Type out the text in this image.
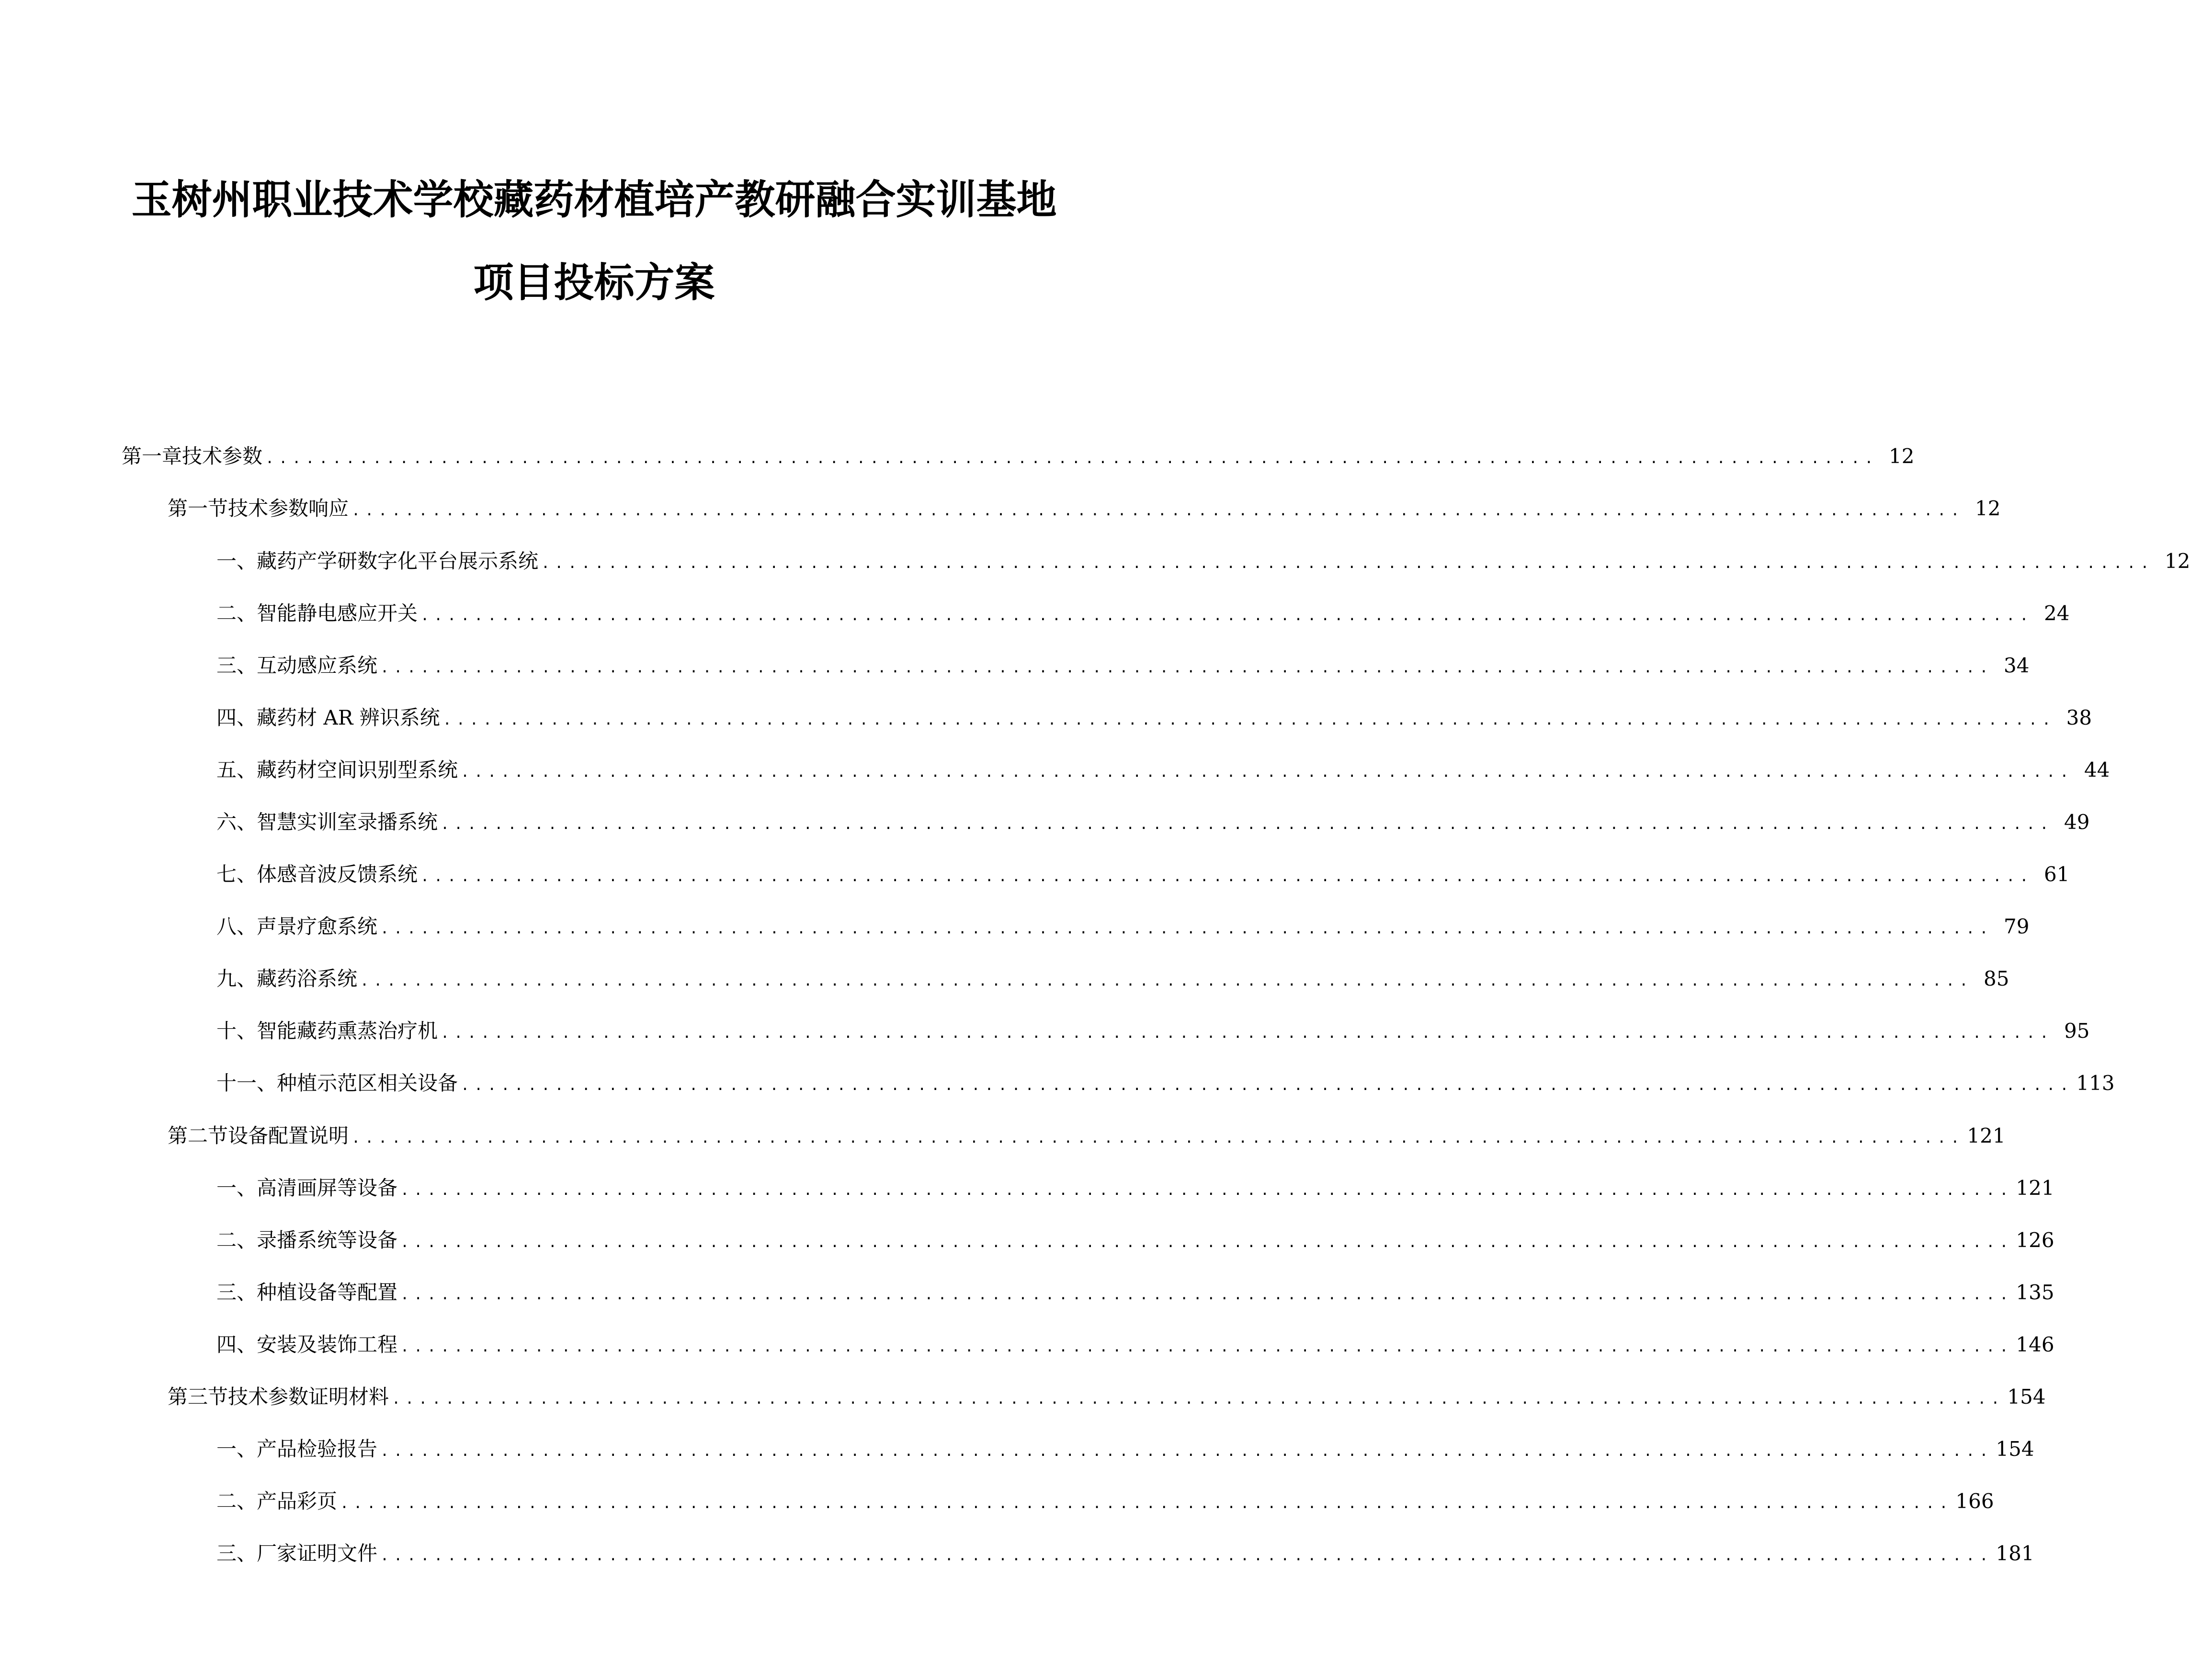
玉树州职业技术学校藏药材植培产教研融合实训基地
项目投标方案
第一章 技术参数 ........................................................................................................................ 12
第一节 技术参数响应 ........................................................................................................................ 12
一、 藏药产学研数字化平台展示系统 ........................................................................................................................ 12
二、 智能静电感应开关 ........................................................................................................................ 24
三、 互动感应系统 ........................................................................................................................ 34
四、 藏药材 AR 辨识系统 ........................................................................................................................ 38
五、 藏药材空间识别型系统 ........................................................................................................................ 44
六、 智慧实训室录播系统 ........................................................................................................................ 49
七、 体感音波反馈系统 ........................................................................................................................ 61
八、 声景疗愈系统 ........................................................................................................................ 79
九、 藏药浴系统 ........................................................................................................................ 85
十、 智能藏药熏蒸治疗机 ........................................................................................................................ 95
十一、 种植示范区相关设备 ........................................................................................................................ 113
第二节 设备配置说明 ........................................................................................................................ 121
一、 高清画屏等设备 ........................................................................................................................ 121
二、 录播系统等设备 ........................................................................................................................ 126
三、 种植设备等配置 ........................................................................................................................ 135
四、 安装及装饰工程 ........................................................................................................................ 146
第三节 技术参数证明材料 ........................................................................................................................ 154
一、 产品检验报告 ........................................................................................................................ 154
二、 产品彩页 ........................................................................................................................ 166
三、 厂家证明文件 ........................................................................................................................ 181
